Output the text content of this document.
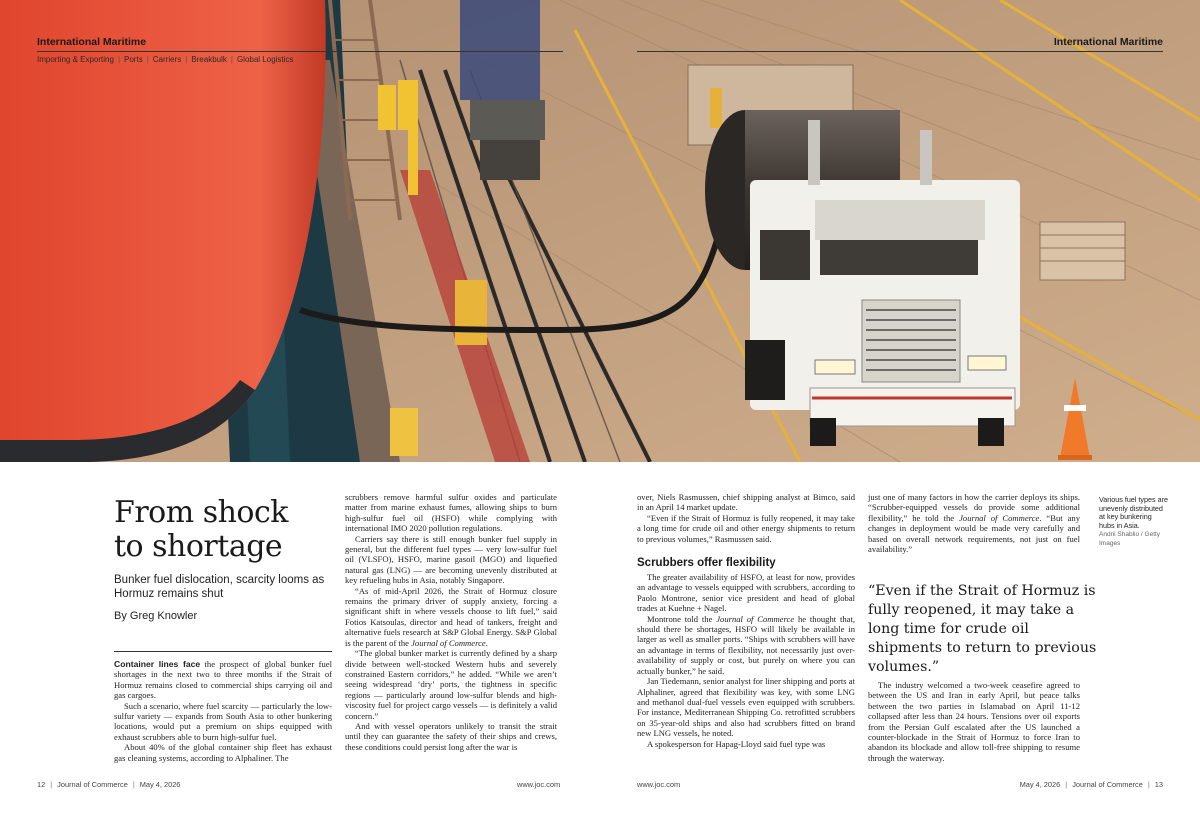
International Maritime	International Maritime
Importing & Exporting | Ports | Carriers | Breakbulk | Global Logistics
From shock
to shortage
Bunker fuel dislocation, scarcity looms as Hormuz remains shut
By Greg Knowler

Container lines face the prospect of global bunker fuel shortages in the next two to three months if the Strait of Hormuz remains closed to commercial ships carrying oil and gas cargoes.

Such a scenario, where fuel scarcity — particularly the low-sulfur variety — expands from South Asia to other bunkering locations, would put a premium on ships equipped with exhaust scrubbers able to burn high-sulfur fuel.

About 40% of the global container ship fleet has exhaust gas cleaning systems, according to Alphaliner. The

scrubbers remove harmful sulfur oxides and particulate matter from marine exhaust fumes, allowing ships to burn high-sulfur fuel oil (HSFO) while complying with international IMO 2020 pollution regulations.

Carriers say there is still enough bunker fuel supply in general, but the different fuel types — very low-sulfur fuel oil (VLSFO), HSFO, marine gasoil (MGO) and liquefied natural gas (LNG) — are becoming unevenly distributed at key refueling hubs in Asia, notably Singapore.

“As of mid-April 2026, the Strait of Hormuz closure remains the primary driver of supply anxiety, forcing a significant shift in where vessels choose to lift fuel,” said Fotios Katsoulas, director and head of tankers, freight and alternative fuels research at S&P Global Energy. S&P Global is the parent of the Journal of Commerce.

“The global bunker market is currently defined by a sharp divide between well-stocked Western hubs and severely constrained Eastern corridors,” he added. “While we aren’t seeing widespread ‘dry’ ports, the tightness in specific regions — particularly around low-sulfur blends and high-viscosity fuel for project cargo vessels — is definitely a valid concern.”

And with vessel operators unlikely to transit the strait until they can guarantee the safety of their ships and crews, these conditions could persist long after the war is

over, Niels Rasmussen, chief shipping analyst at Bimco, said in an April 14 market update.

“Even if the Strait of Hormuz is fully reopened, it may take a long time for crude oil and other energy shipments to return to previous volumes,” Rasmussen said.

The greater availability of HSFO, at least for now, provides an advantage to vessels equipped with scrubbers, according to Paolo Montrone, senior vice president and head of global trades at Kuehne + Nagel.

Montrone told the Journal of Commerce he thought that, should there be shortages, HSFO will likely be available in larger as well as smaller ports. “Ships with scrubbers will have an advantage in terms of flexibility, not necessarily just over-availability of supply or cost, but purely on where you can actually bunker,” he said.

Jan Tiedemann, senior analyst for liner shipping and ports at Alphaliner, agreed that flexibility was key, with some LNG and methanol dual-fuel vessels even equipped with scrubbers. For instance, Mediterranean Shipping Co. retrofitted scrubbers on 35-year-old ships and also had scrubbers fitted on brand new LNG vessels, he noted.

A spokesperson for Hapag-Lloyd said fuel type was

Scrubbers offer flexibility

just one of many factors in how the carrier deploys its ships. “Scrubber-equipped vessels do provide some additional flexibility,” he told the Journal of Commerce. “But any changes in deployment would be made very carefully and based on overall network requirements, not just on fuel availability.”

“Even if the Strait of Hormuz is fully reopened, it may take a long time for crude oil shipments to return to previous volumes.”

The industry welcomed a two-week ceasefire agreed to between the US and Iran in early April, but peace talks between the two parties in Islamabad on April 11-12 collapsed after less than 24 hours. Tensions over oil exports from the Persian Gulf escalated after the US launched a counter-blockade in the Strait of Hormuz to force Iran to abandon its blockade and allow toll-free shipping to resume through the waterway.

Various fuel types are unevenly distributed at key bunkering hubs in Asia.
Andrii Shablio / Getty Images
12 | Journal of Commerce | May 4, 2026	www.joc.com	www.joc.com	May 4, 2026 | Journal of Commerce | 13
